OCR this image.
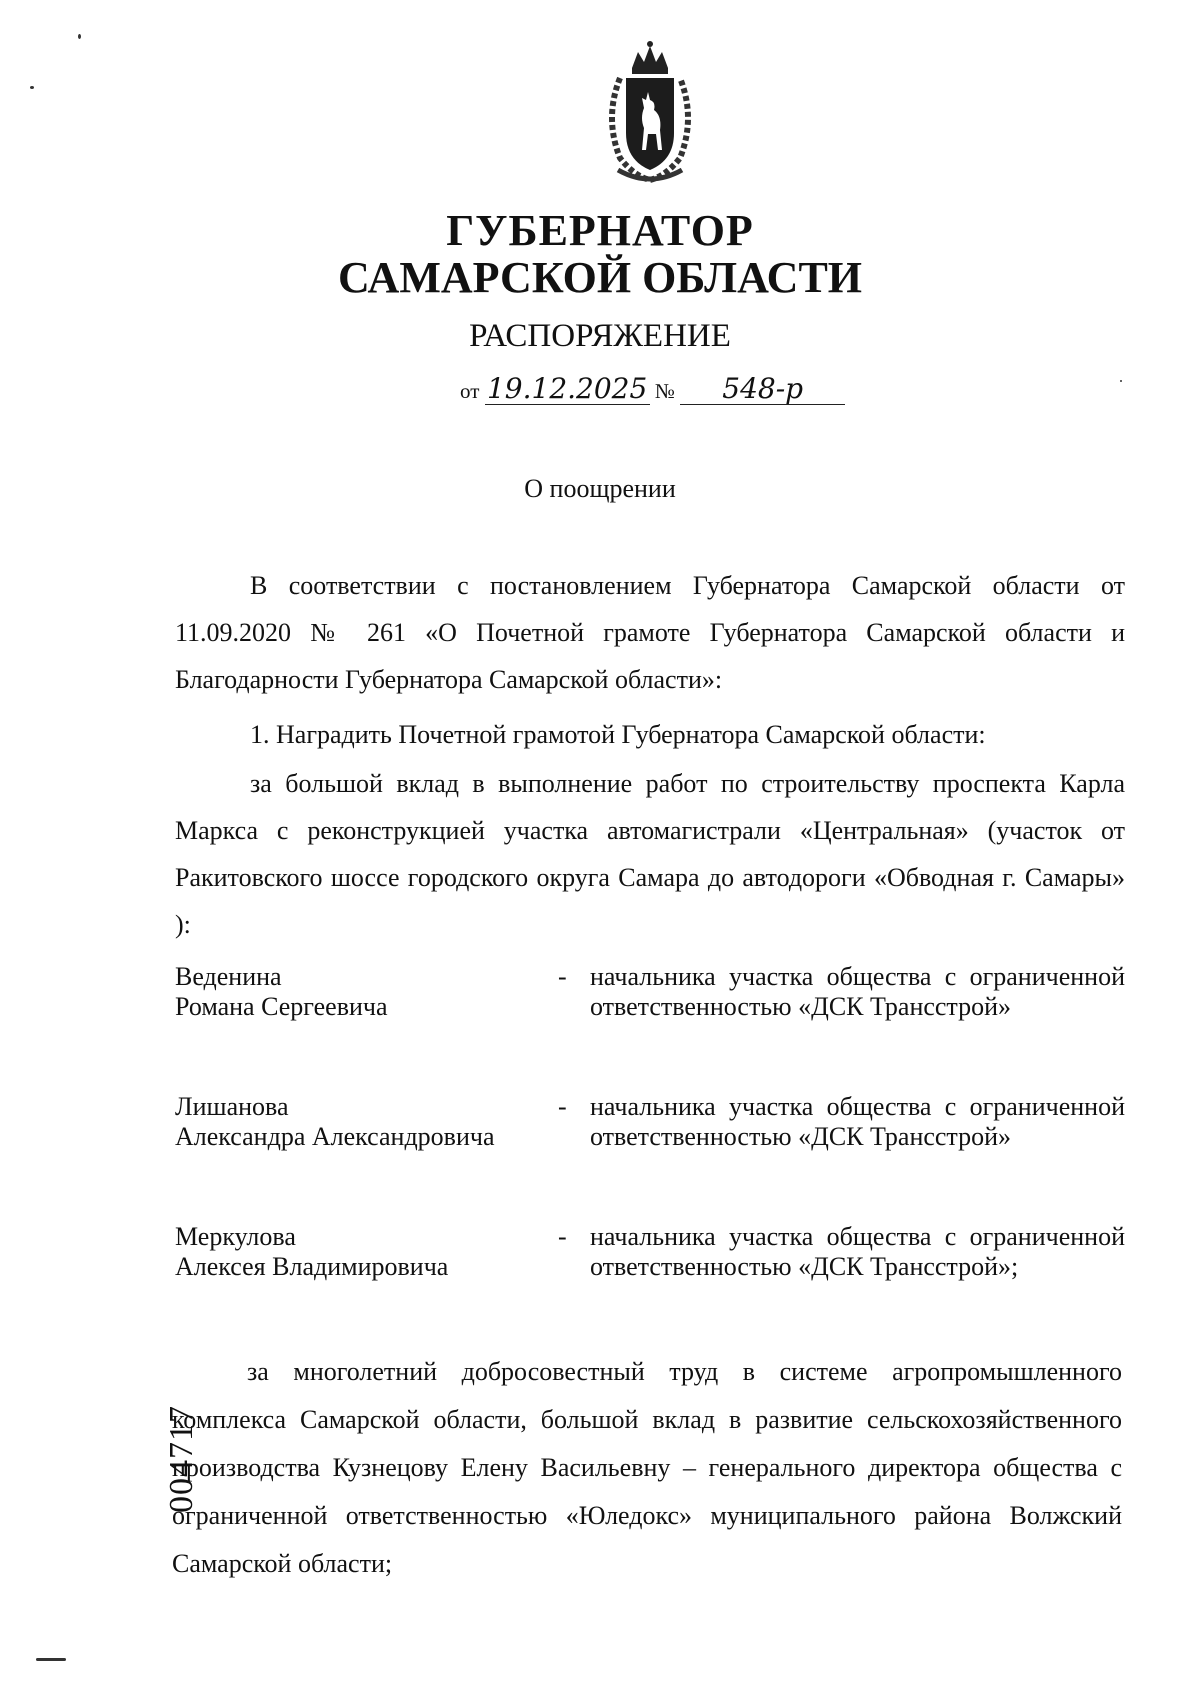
ГУБЕРНАТОР
САМАРСКОЙ ОБЛАСТИ
РАСПОРЯЖЕНИЕ
от 19.12.2025 № 548-р
О поощрении
В соответствии с постановлением Губернатора Самарской области от 11.09.2020 № 261 «О Почетной грамоте Губернатора Самарской области и Благодарности Губернатора Самарской области»:
1. Наградить Почетной грамотой Губернатора Самарской области:
за большой вклад в выполнение работ по строительству проспекта Карла Маркса с реконструкцией участка автомагистрали «Центральная» (участок от Ракитовского шоссе городского округа Самара до автодороги «Обводная г. Самары» ):
Веденина
Романа Сергеевича
- начальника участка общества с ограниченной ответственностью «ДСК Трансстрой»
Лишанова
Александра Александровича
- начальника участка общества с ограниченной ответственностью «ДСК Трансстрой»
Меркулова
Алексея Владимировича
- начальника участка общества с ограниченной ответственностью «ДСК Трансстрой»;
за многолетний добросовестный труд в системе агропромышленного комплекса Самарской области, большой вклад в развитие сельскохозяйственного производства Кузнецову Елену Васильевну – генерального директора общества с ограниченной ответственностью «Юледокс» муниципального района Волжский Самарской области;
004717
